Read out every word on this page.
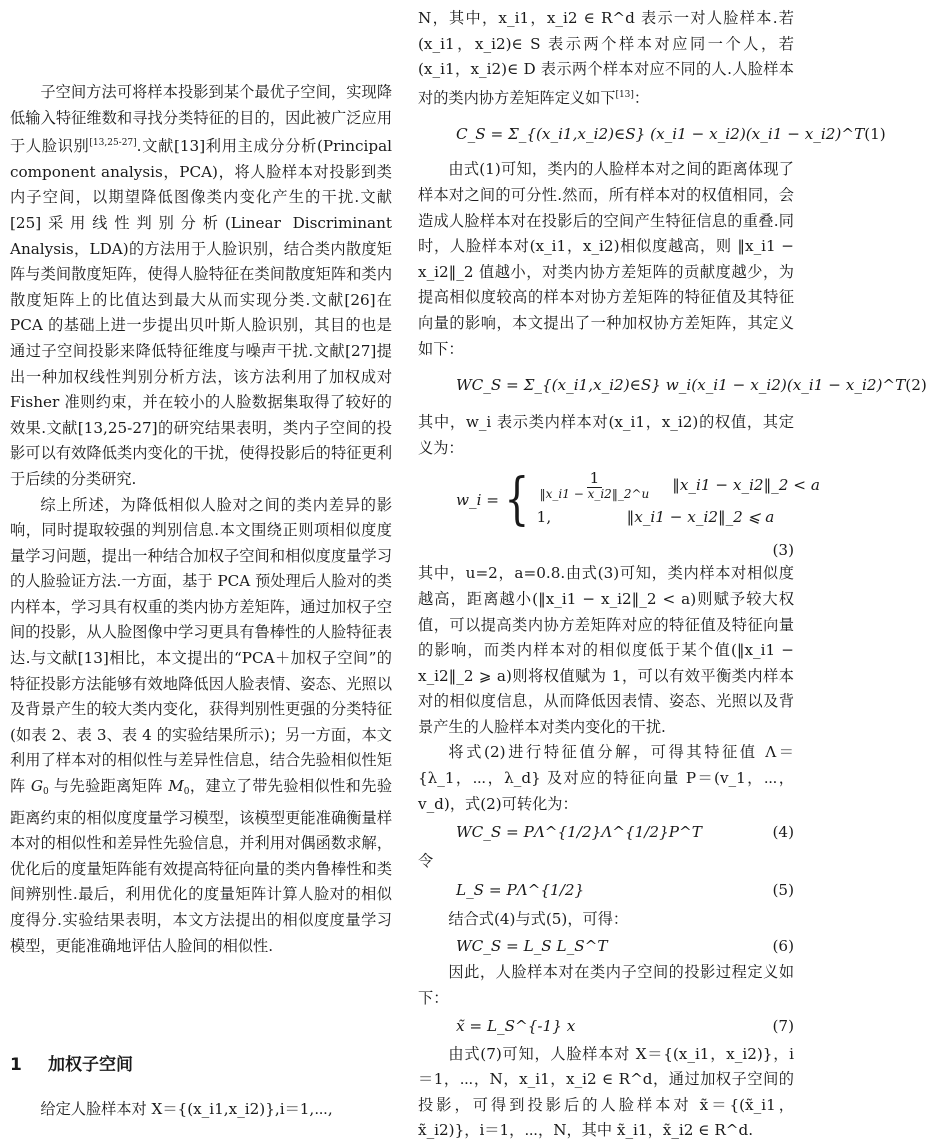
子空间方法可将样本投影到某个最优子空间，实现降低输入特征维数和寻找分类特征的目的，因此被广泛应用于人脸识别[13,25-27].文献[13]利用主成分分析(Principal component analysis，PCA)，将人脸样本对投影到类内子空间，以期望降低图像类内变化产生的干扰.文献[25]采用线性判别分析(Linear Discriminant Analysis，LDA)的方法用于人脸识别，结合类内散度矩阵与类间散度矩阵，使得人脸特征在类间散度矩阵和类内散度矩阵上的比值达到最大从而实现分类.文献[26]在 PCA 的基础上进一步提出贝叶斯人脸识别，其目的也是通过子空间投影来降低特征维度与噪声干扰.文献[27]提出一种加权线性判别分析方法，该方法利用了加权成对 Fisher 准则约束，并在较小的人脸数据集取得了较好的效果.文献[13,25-27]的研究结果表明，类内子空间的投影可以有效降低类内变化的干扰，使得投影后的特征更利于后续的分类研究.

综上所述，为降低相似人脸对之间的类内差异的影响，同时提取较强的判别信息.本文围绕正则项相似度度量学习问题，提出一种结合加权子空间和相似度度量学习的人脸验证方法.一方面，基于 PCA 预处理后人脸对的类内样本，学习具有权重的类内协方差矩阵，通过加权子空间的投影，从人脸图像中学习更具有鲁棒性的人脸特征表达.与文献[13]相比，本文提出的“PCA＋加权子空间”的特征投影方法能够有效地降低因人脸表情、姿态、光照以及背景产生的较大类内变化，获得判别性更强的分类特征(如表 2、表 3、表 4 的实验结果所示)；另一方面，本文利用了样本对的相似性与差异性信息，结合先验相似性矩阵 $G_0$ 与先验距离矩阵 $M_0$，建立了带先验相似性和先验距离约束的相似度度量学习模型，该模型更能准确衡量样本对的相似性和差异性先验信息，并利用对偶函数求解，优化后的度量矩阵能有效提高特征向量的类内鲁棒性和类间辨别性.最后，利用优化的度量矩阵计算人脸对的相似度得分.实验结果表明，本文方法提出的相似度度量学习模型，更能准确地评估人脸间的相似性.

1 加权子空间

给定人脸样本对 X＝{(x_i1,x_i2)},i＝1,⋯,

N，其中，x_i1，x_i2 ∈ R^d 表示一对人脸样本.若(x_i1，x_i2)∈ S 表示两个样本对应同一个人，若(x_i1，x_i2)∈ D 表示两个样本对应不同的人.人脸样本对的类内协方差矩阵定义如下[13]：

C_S = Σ_{(x_i1,x_i2)∈S} (x_i1 − x_i2)(x_i1 − x_i2)^T (1)

由式(1)可知，类内的人脸样本对之间的距离体现了样本对之间的可分性.然而，所有样本对的权值相同，会造成人脸样本对在投影后的空间产生特征信息的重叠.同时，人脸样本对(x_i1，x_i2)相似度越高，则 ‖x_i1 − x_i2‖_2 值越小，对类内协方差矩阵的贡献度越少，为提高相似度较高的样本对协方差矩阵的特征值及其特征向量的影响，本文提出了一种加权协方差矩阵，其定义如下：

WC_S = Σ_{(x_i1,x_i2)∈S} w_i(x_i1 − x_i2)(x_i1 − x_i2)^T (2)

其中，w_i 表示类内样本对(x_i1，x_i2)的权值，其定义为：

w_i = { $\frac{1}{‖x\_i1 - x\_i2‖\_2\^{}u}$ ‖x_i1 − x_i2‖_2 < a
1,	‖x_i1 − x_i2‖_2 ⩽ a
(3)

其中，u=2，a=0.8.由式(3)可知，类内样本对相似度越高，距离越小(‖x_i1 − x_i2‖_2 < a)则赋予较大权值，可以提高类内协方差矩阵对应的特征值及特征向量的影响，而类内样本对的相似度低于某个值(‖x_i1 − x_i2‖_2 ⩾ a)则将权值赋为 1，可以有效平衡类内样本对的相似度信息，从而降低因表情、姿态、光照以及背景产生的人脸样本对类内变化的干扰.

将式(2)进行特征值分解，可得其特征值 Λ＝{λ_1，⋯，λ_d} 及对应的特征向量 P＝(v_1，⋯，v_d)，式(2)可转化为：

WC_S = PΛ^{1/2}Λ^{1/2}P^T	(4)

令

L_S = PΛ^{1/2}	(5)

结合式(4)与式(5)，可得：

WC_S = L_S L_S^T	(6)

因此，人脸样本对在类内子空间的投影过程定义如下：

x̃ = L_S^{-1} x	(7)

由式(7)可知，人脸样本对 X＝{(x_i1，x_i2)}，i＝1，⋯，N，x_i1，x_i2 ∈ R^d，通过加权子空间的投影，可得到投影后的人脸样本对 x̃＝{(x̃_i1，x̃_i2)}，i＝1，⋯，N，其中 x̃_i1，x̃_i2 ∈ R^d.
